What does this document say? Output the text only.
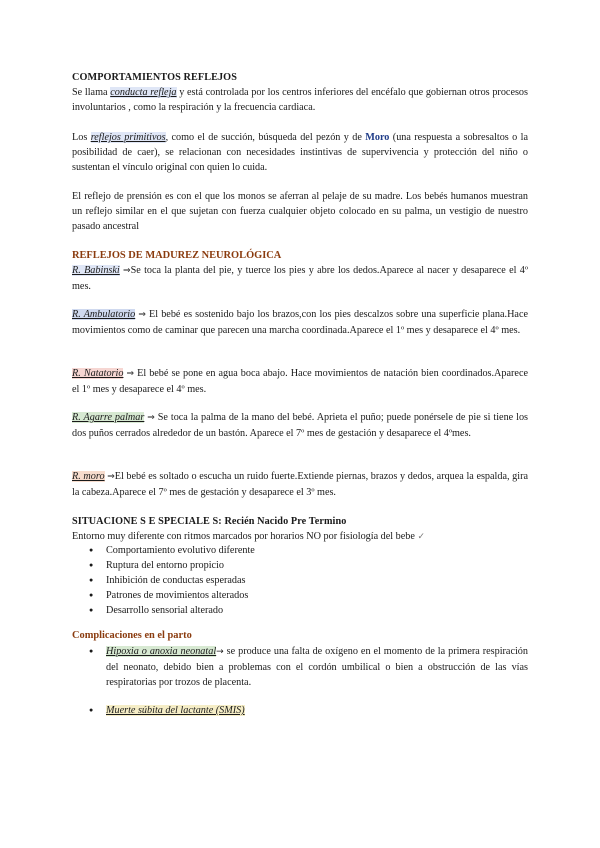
COMPORTAMIENTOS REFLEJOS
Se llama conducta refleja y está controlada por los centros inferiores del encéfalo que gobiernan otros procesos involuntarios , como la respiración y la frecuencia cardiaca.
Los reflejos primitivos, como el de succión, búsqueda del pezón y de Moro (una respuesta a sobresaltos o la posibilidad de caer), se relacionan con necesidades instintivas de supervivencia y protección del niño o sustentan el vínculo original con quien lo cuida.
El reflejo de prensión es con el que los monos se aferran al pelaje de su madre. Los bebés humanos muestran un reflejo similar en el que sujetan con fuerza cualquier objeto colocado en su palma, un vestigio de nuestro pasado ancestral
REFLEJOS DE MADUREZ NEUROLÓGICA
R. Babinski ⇒Se toca la planta del pie, y tuerce los pies y abre los dedos.Aparece al nacer y desaparece el 4º mes.
R. Ambulatorio ⇒ El bebé es sostenido bajo los brazos,con los pies descalzos sobre una superficie plana.Hace movimientos como de caminar que parecen una marcha coordinada.Aparece el 1º mes y desaparece el 4º mes.
R. Natatorio ⇒ El bebé se pone en agua boca abajo. Hace movimientos de natación bien coordinados.Aparece el 1º mes y desaparece el 4º mes.
R. Agarre palmar ⇒ Se toca la palma de la mano del bebé. Aprieta el puño; puede ponérsele de pie si tiene los dos puños cerrados alrededor de un bastón. Aparece el 7º mes de gestación y desaparece el 4ºmes.
R. moro ⇒El bebé es soltado o escucha un ruido fuerte.Extiende piernas, brazos y dedos, arquea la espalda, gira la cabeza.Aparece el 7º mes de gestación y desaparece el 3º mes.
SITUACIONE S E SPECIALE S: Recién Nacido Pre Termino
Entorno muy diferente con ritmos marcados por horarios NO por fisiología del bebe ✓
● Comportamiento evolutivo diferente
● Ruptura del entorno propicio
● Inhibición de conductas esperadas
● Patrones de movimientos alterados
● Desarrollo sensorial alterado
Complicaciones en el parto
● Hipoxia o anoxia neonatal→ se produce una falta de oxígeno en el momento de la primera respiración del neonato, debido bien a problemas con el cordón umbilical o bien a obstrucción de las vías respiratorias por trozos de placenta.
● Muerte súbita del lactante (SMIS)
